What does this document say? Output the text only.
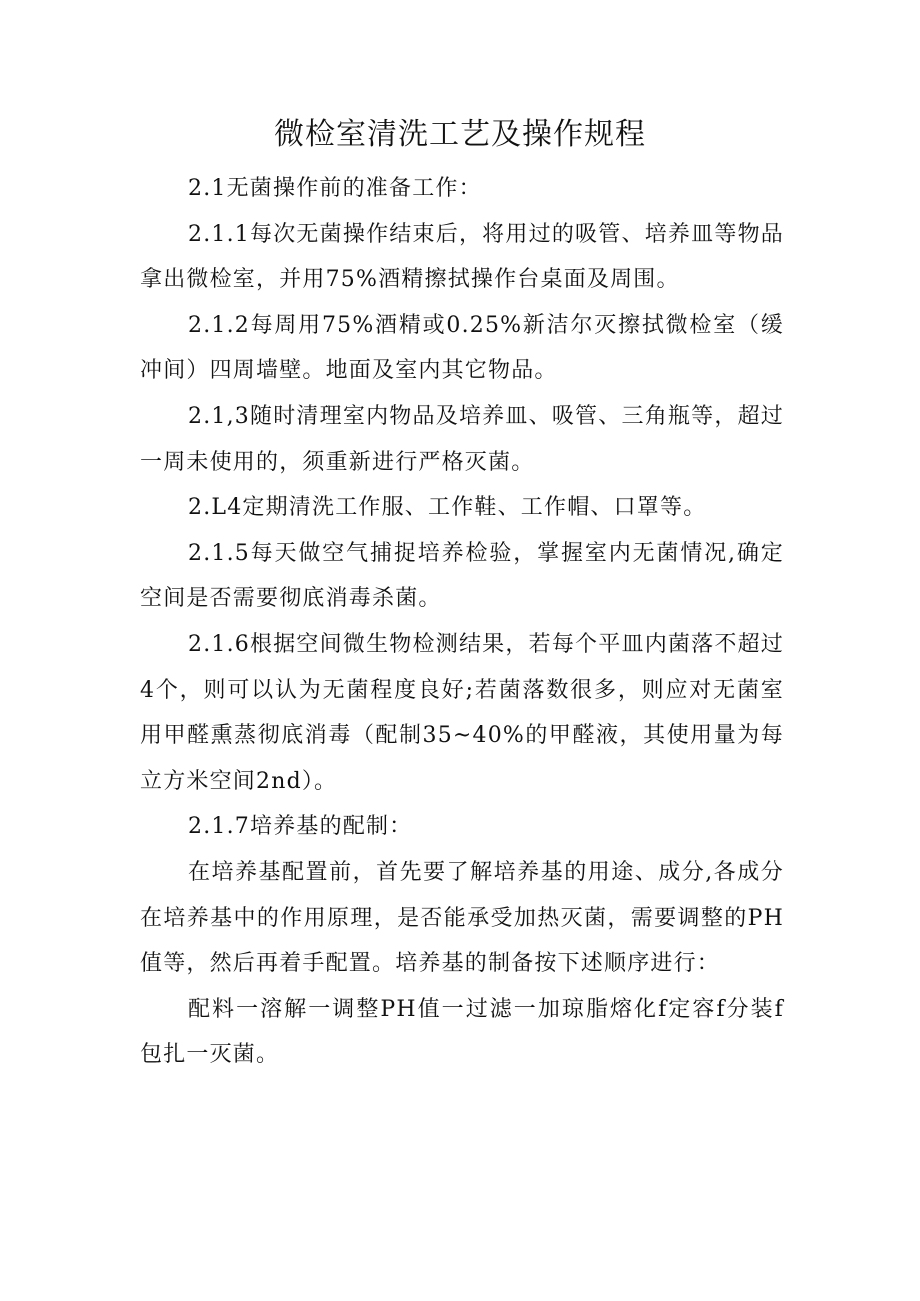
微检室清洗工艺及操作规程

2.1无菌操作前的准备工作：

2.1.1每次无菌操作结束后，将用过的吸管、培养皿等物品拿出微检室，并用75%酒精擦拭操作台桌面及周围。

2.1.2每周用75%酒精或0.25%新洁尔灭擦拭微检室（缓冲间）四周墙壁。地面及室内其它物品。

2.1,3随时清理室内物品及培养皿、吸管、三角瓶等，超过一周未使用的，须重新进行严格灭菌。

2.L4定期清洗工作服、工作鞋、工作帽、口罩等。

2.1.5每天做空气捕捉培养检验，掌握室内无菌情况,确定空间是否需要彻底消毒杀菌。

2.1.6根据空间微生物检测结果，若每个平皿内菌落不超过4个，则可以认为无菌程度良好;若菌落数很多，则应对无菌室用甲醛熏蒸彻底消毒（配制35~40%的甲醛液，其使用量为每立方米空间2nd）。

2.1.7培养基的配制：

在培养基配置前，首先要了解培养基的用途、成分,各成分在培养基中的作用原理，是否能承受加热灭菌，需要调整的PH值等，然后再着手配置。培养基的制备按下述顺序进行：

配料一溶解一调整PH值一过滤一加琼脂熔化f定容f分装f包扎一灭菌。
